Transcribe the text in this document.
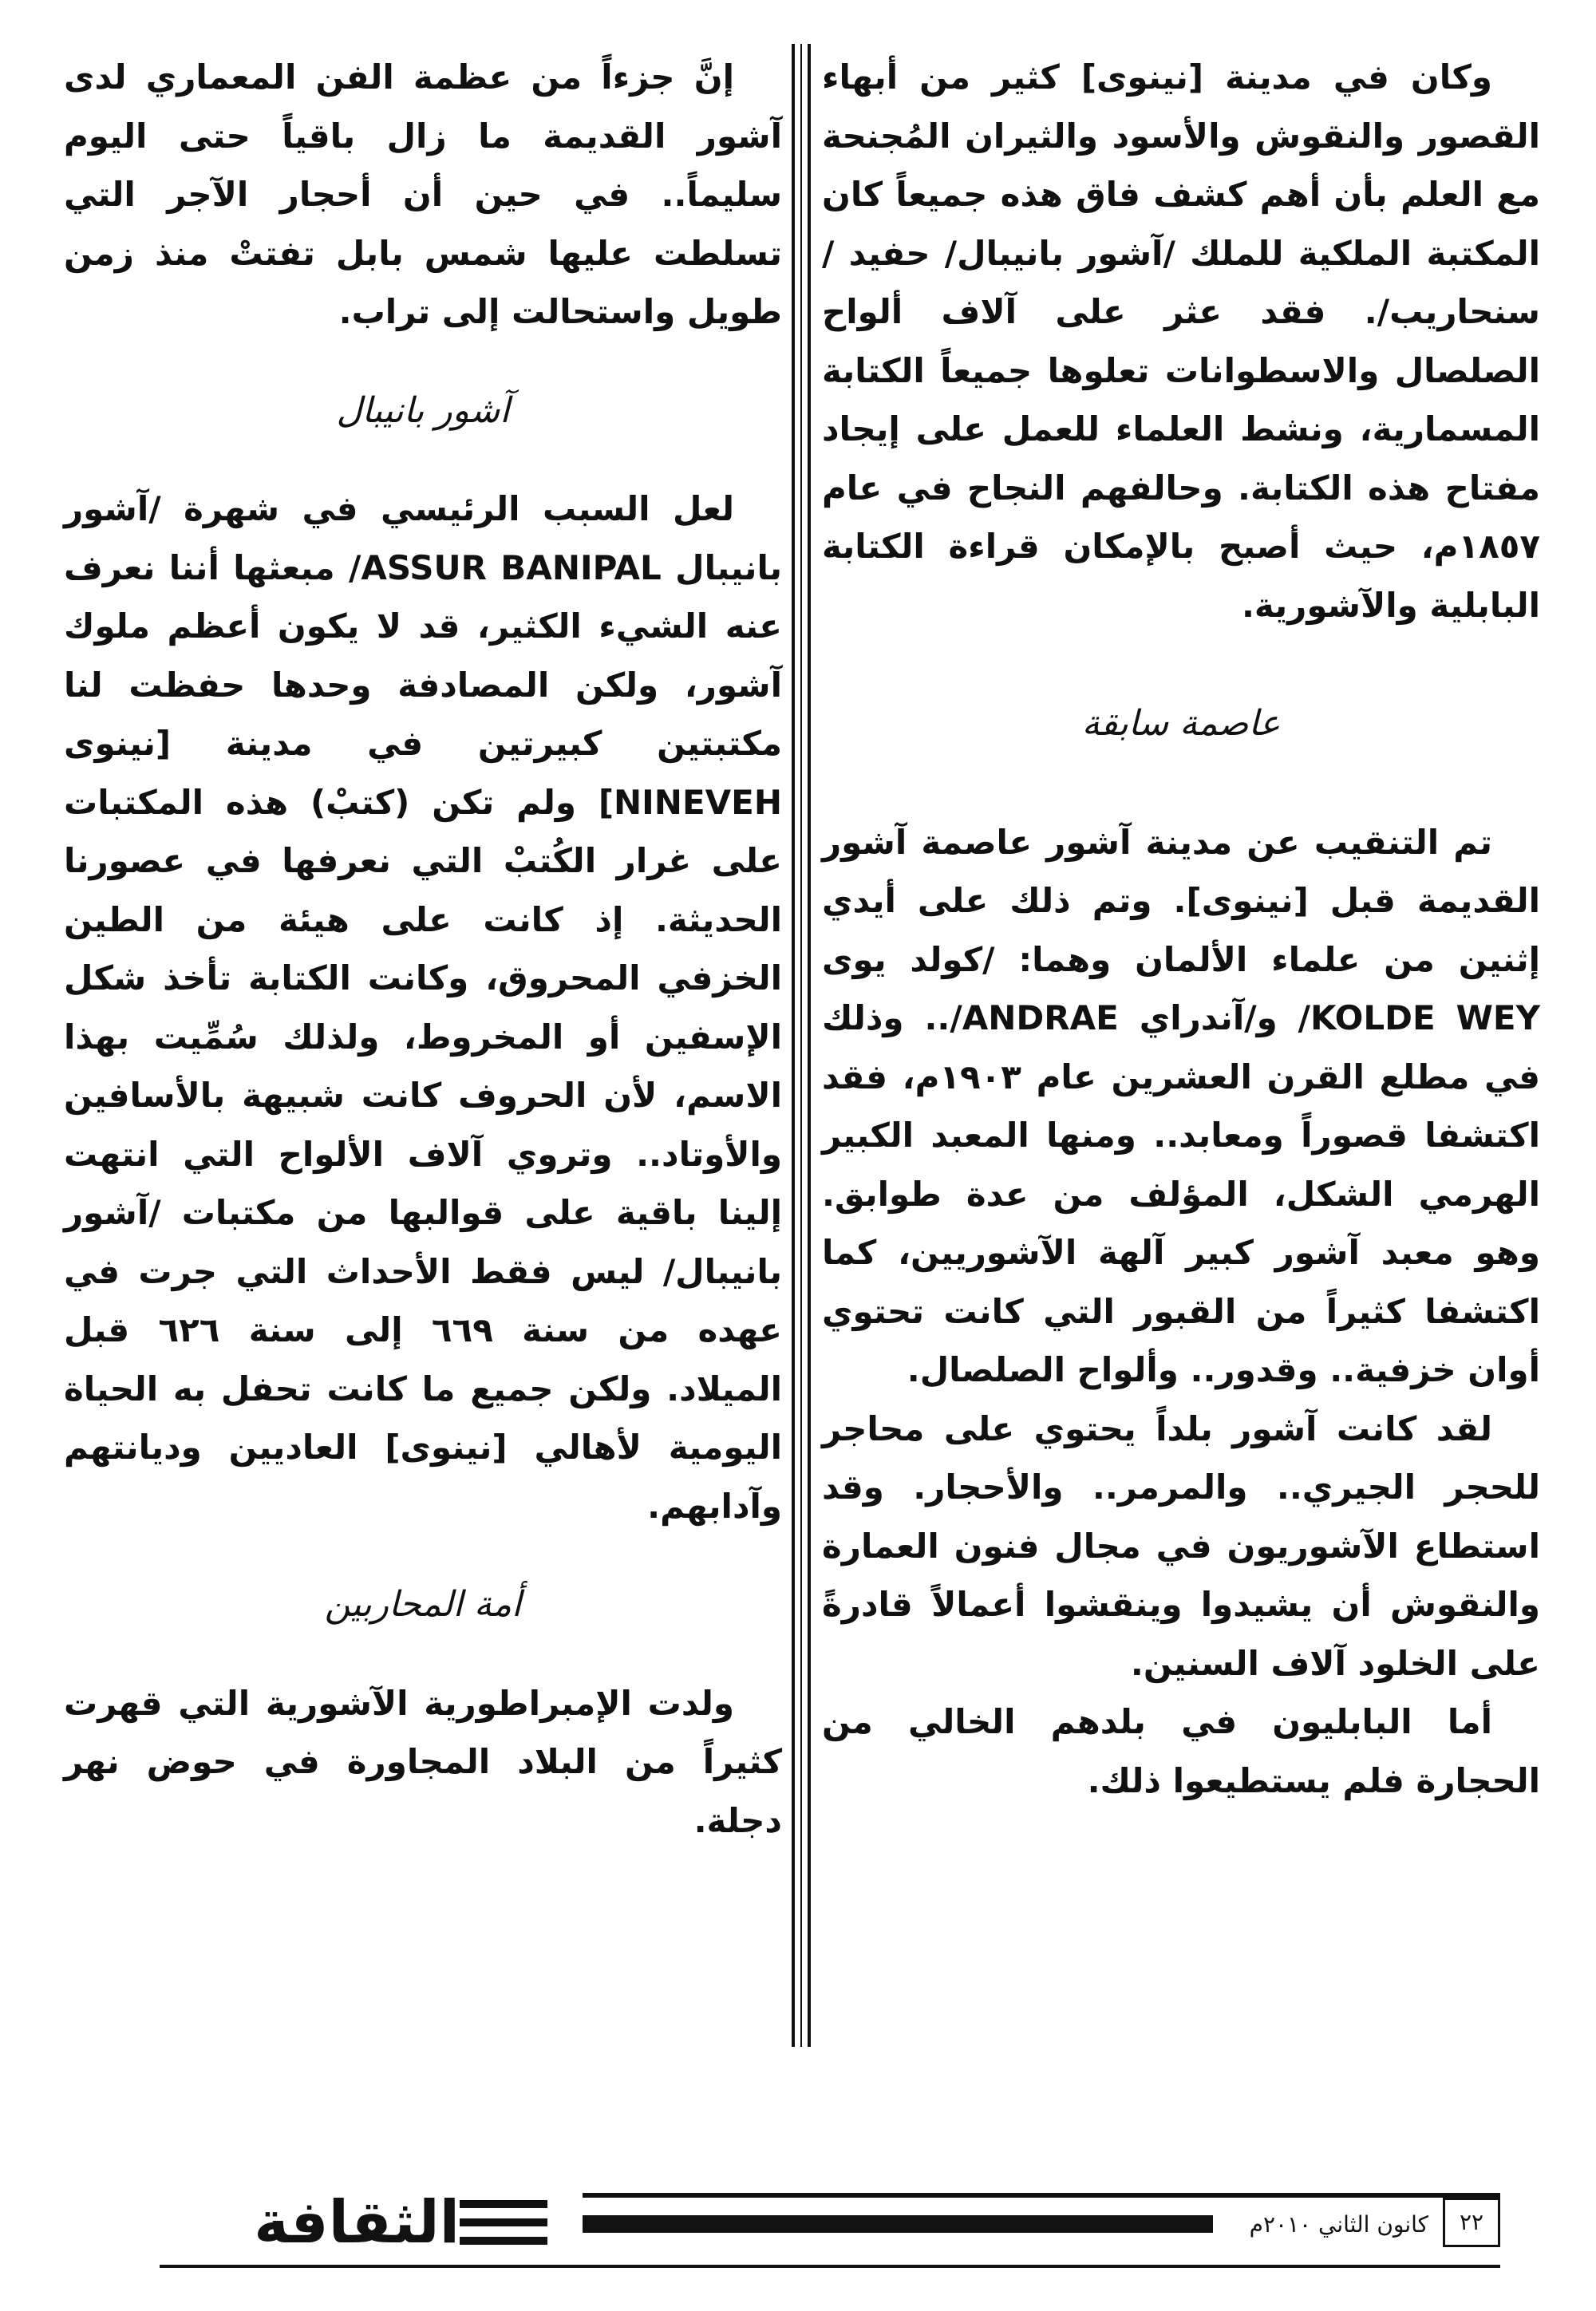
وكان في مدينة [نينوى] كثير من أبهاء القصور والنقوش والأسود والثيران المُجنحة مع العلم بأن أهم كشف فاق هذه جميعاً كان المكتبة الملكية للملك /آشور بانيبال/ حفيد /سنحاريب/. فقد عثر على آلاف ألواح الصلصال والاسطوانات تعلوها جميعاً الكتابة المسمارية، ونشط العلماء للعمل على إيجاد مفتاح هذه الكتابة. وحالفهم النجاح في عام ١٨٥٧م، حيث أصبح بالإمكان قراءة الكتابة البابلية والآشورية.

عاصمة سابقة

تم التنقيب عن مدينة آشور عاصمة آشور القديمة قبل [نينوى]. وتم ذلك على أيدي إثنين من علماء الألمان وهما: /كولد يوى KOLDE WEY/ و/آندراي ANDRAE/.. وذلك في مطلع القرن العشرين عام ١٩٠٣م، فقد اكتشفا قصوراً ومعابد.. ومنها المعبد الكبير الهرمي الشكل، المؤلف من عدة طوابق. وهو معبد آشور كبير آلهة الآشوريين، كما اكتشفا كثيراً من القبور التي كانت تحتوي أوان خزفية.. وقدور.. وألواح الصلصال.

لقد كانت آشور بلداً يحتوي على محاجر للحجر الجيري.. والمرمر.. والأحجار. وقد استطاع الآشوريون في مجال فنون العمارة والنقوش أن يشيدوا وينقشوا أعمالاً قادرةً على الخلود آلاف السنين.

أما البابليون في بلدهم الخالي من الحجارة فلم يستطيعوا ذلك.

إنَّ جزءاً من عظمة الفن المعماري لدى آشور القديمة ما زال باقياً حتى اليوم سليماً.. في حين أن أحجار الآجر التي تسلطت عليها شمس بابل تفتتْ منذ زمن طويل واستحالت إلى تراب.

آشور بانيبال

لعل السبب الرئيسي في شهرة /آشور بانيبال ASSUR BANIPAL/ مبعثها أننا نعرف عنه الشيء الكثير، قد لا يكون أعظم ملوك آشور، ولكن المصادفة وحدها حفظت لنا مكتبتين كبيرتين في مدينة [نينوى NINEVEH] ولم تكن (كتبْ) هذه المكتبات على غرار الكُتبْ التي نعرفها في عصورنا الحديثة. إذ كانت على هيئة من الطين الخزفي المحروق، وكانت الكتابة تأخذ شكل الإسفين أو المخروط، ولذلك سُمِّيت بهذا الاسم، لأن الحروف كانت شبيهة بالأسافين والأوتاد.. وتروي آلاف الألواح التي انتهت إلينا باقية على قوالبها من مكتبات /آشور بانيبال/ ليس فقط الأحداث التي جرت في عهده من سنة ٦٦٩ إلى سنة ٦٢٦ قبل الميلاد. ولكن جميع ما كانت تحفل به الحياة اليومية لأهالي [نينوى] العاديين وديانتهم وآدابهم.

أمة المحاربين

ولدت الإمبراطورية الآشورية التي قهرت كثيراً من البلاد المجاورة في حوض نهر دجلة.

الثقافة	كانون الثاني ٢٠١٠م	٢٢
